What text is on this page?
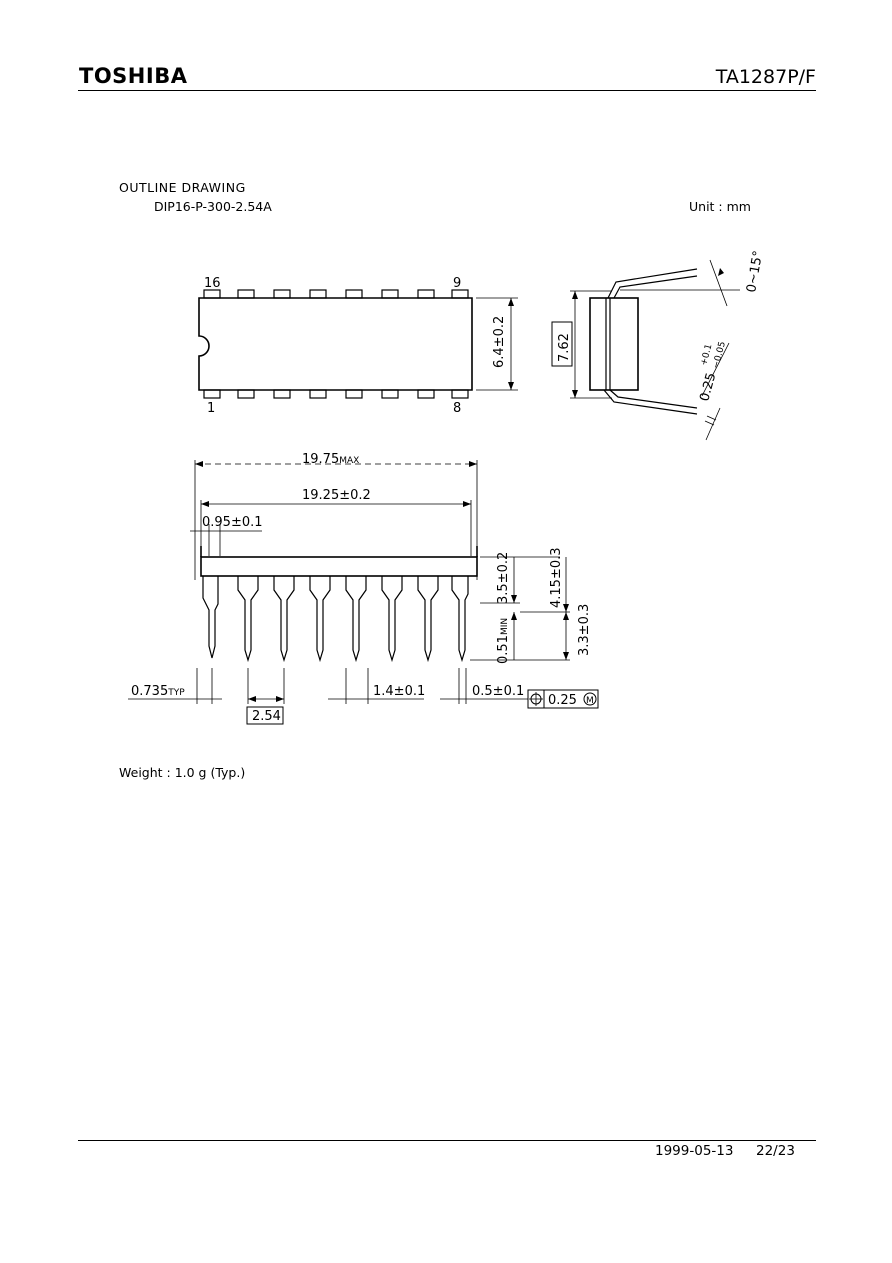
TOSHIBA	TA1287P/F
OUTLINE DRAWING
DIP16-P-300-2.54A	Unit : mm
16	9
1	8
6.4±0.2	7.62
0~15°
0.25
+0.1
−0.05
19.75MAX
19.25±0.2
0.95±0.1
3.5±0.2	4.15±0.3
0.51MIN	3.3±0.3
0.735TYP
2.54
1.4±0.1	0.5±0.1
0.25 M
Weight : 1.0 g (Typ.)
1999-05-13 22/23
